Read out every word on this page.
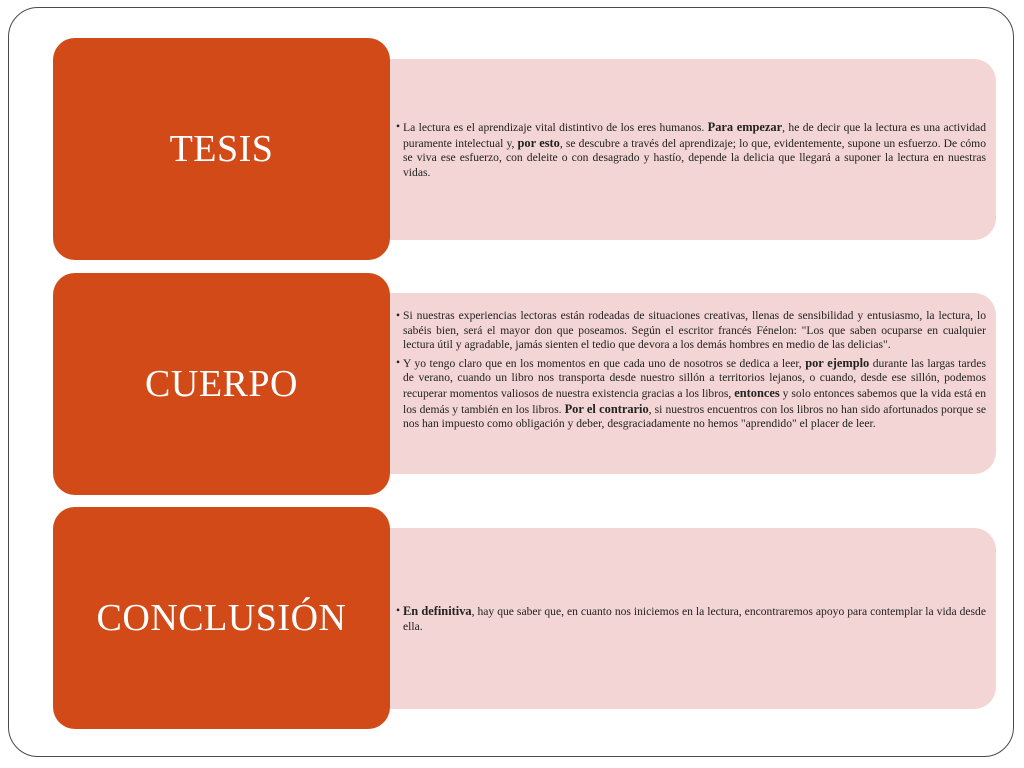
TESIS
• La lectura es el aprendizaje vital distintivo de los eres humanos. Para empezar, he de decir que la lectura es una actividad puramente intelectual y, por esto, se descubre a través del aprendizaje; lo que, evidentemente, supone un esfuerzo. De cómo se viva ese esfuerzo, con deleite o con desagrado y hastío, depende la delicia que llegará a suponer la lectura en nuestras vidas.
CUERPO
• Si nuestras experiencias lectoras están rodeadas de situaciones creativas, llenas de sensibilidad y entusiasmo, la lectura, lo sabéis bien, será el mayor don que poseamos. Según el escritor francés Fénelon: "Los que saben ocuparse en cualquier lectura útil y agradable, jamás sienten el tedio que devora a los demás hombres en medio de las delicias".
• Y yo tengo claro que en los momentos en que cada uno de nosotros se dedica a leer, por ejemplo durante las largas tardes de verano, cuando un libro nos transporta desde nuestro sillón a territorios lejanos, o cuando, desde ese sillón, podemos recuperar momentos valiosos de nuestra existencia gracias a los libros, entonces y solo entonces sabemos que la vida está en los demás y también en los libros. Por el contrario, si nuestros encuentros con los libros no han sido afortunados porque se nos han impuesto como obligación y deber, desgraciadamente no hemos "aprendido" el placer de leer.
CONCLUSIÓN
•	En definitiva, hay que saber que, en cuanto nos iniciemos en la lectura, encontraremos apoyo para contemplar la vida desde ella.
